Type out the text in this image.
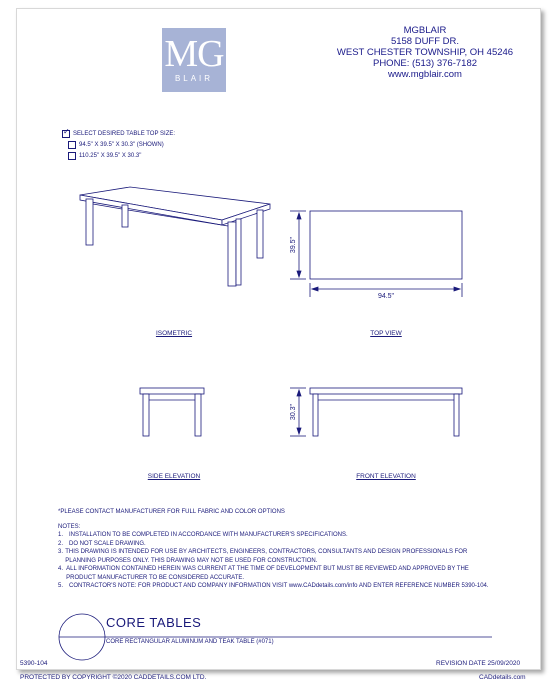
MG
BLAIR
MGBLAIR
5158 DUFF DR.
WEST CHESTER TOWNSHIP, OH 45246
PHONE: (513) 376-7182
www.mgblair.com
✓
SELECT DESIRED TABLE TOP SIZE:
94.5" X 39.5" X 30.3" (SHOWN)
110.25" X 39.5" X 30.3"
94.5"
39.5"
30.3"
ISOMETRIC	TOP VIEW
SIDE ELEVATION	FRONT ELEVATION
*PLEASE CONTACT MANUFACTURER FOR FULL FABRIC AND COLOR OPTIONS
NOTES:
1. INSTALLATION TO BE COMPLETED IN ACCORDANCE WITH MANUFACTURER'S SPECIFICATIONS.
2. DO NOT SCALE DRAWING.
3. THIS DRAWING IS INTENDED FOR USE BY ARCHITECTS, ENGINEERS, CONTRACTORS, CONSULTANTS AND DESIGN PROFESSIONALS FOR PLANNING PURPOSES ONLY. THIS DRAWING MAY NOT BE USED FOR CONSTRUCTION.
4. ALL INFORMATION CONTAINED HEREIN WAS CURRENT AT THE TIME OF DEVELOPMENT BUT MUST BE REVIEWED AND APPROVED BY THE PRODUCT MANUFACTURER TO BE CONSIDERED ACCURATE.
5. CONTRACTOR'S NOTE: FOR PRODUCT AND COMPANY INFORMATION VISIT www.CADdetails.com/info AND ENTER REFERENCE NUMBER 5390-104.
CORE TABLES
CORE RECTANGULAR ALUMINUM AND TEAK TABLE (#071)
5390-104	REVISION DATE 25/09/2020
PROTECTED BY COPYRIGHT ©2020 CADDETAILS.COM LTD.	CADdetails.com
